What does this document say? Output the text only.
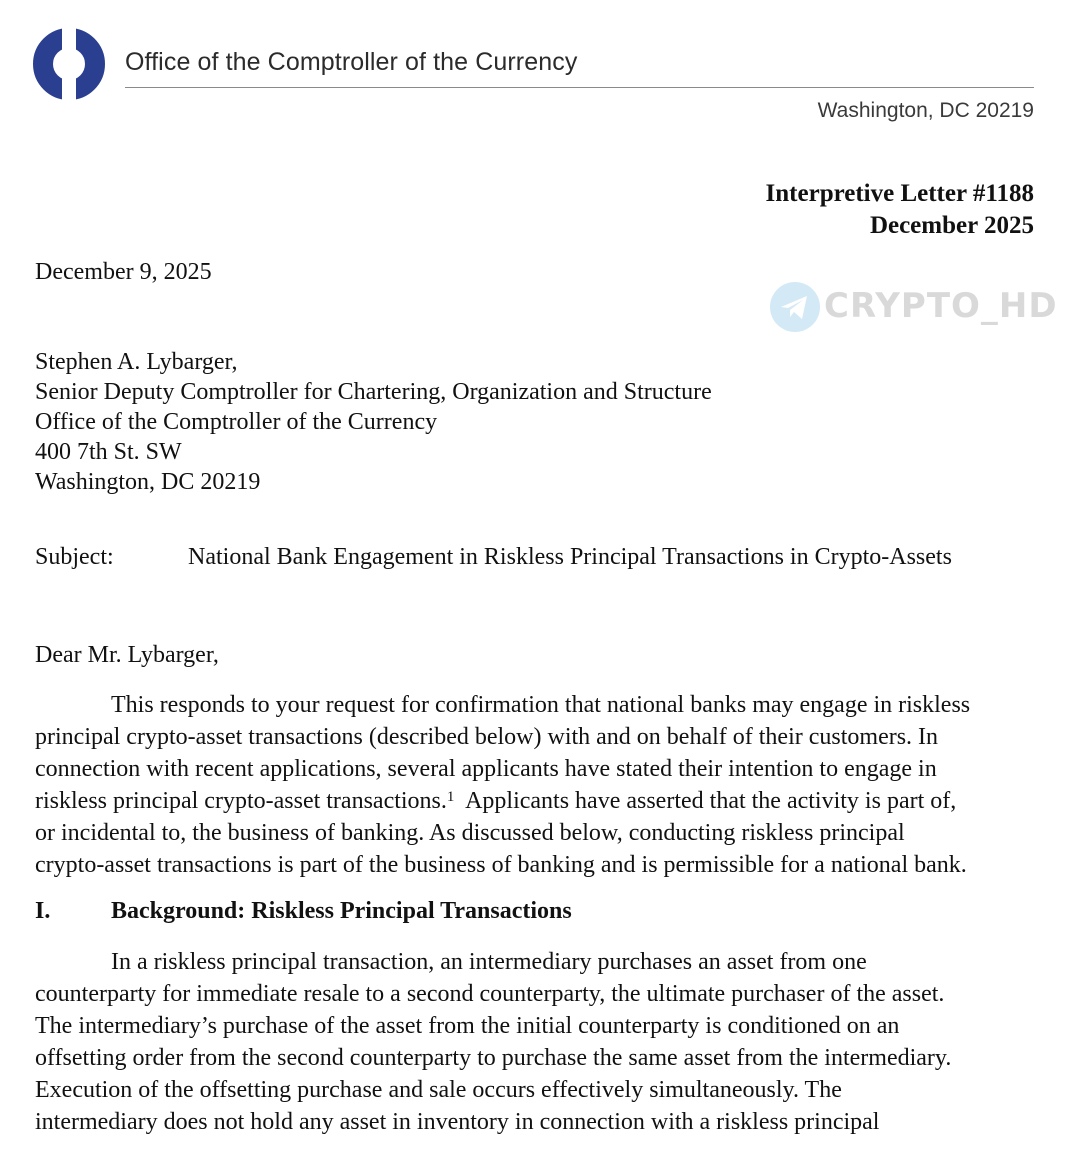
Office of the Comptroller of the Currency
Washington, DC 20219
Interpretive Letter #1188
December 2025
December 9, 2025
CRYPTO_HD
Stephen A. Lybarger,
Senior Deputy Comptroller for Chartering, Organization and Structure
Office of the Comptroller of the Currency
400 7th St. SW
Washington, DC 20219
Subject:	National Bank Engagement in Riskless Principal Transactions in Crypto-Assets
Dear Mr. Lybarger,
This responds to your request for confirmation that national banks may engage in riskless
principal crypto-asset transactions (described below) with and on behalf of their customers. In
connection with recent applications, several applicants have stated their intention to engage in
riskless principal crypto-asset transactions.$^1$  Applicants have asserted that the activity is part of,
or incidental to, the business of banking. As discussed below, conducting riskless principal
crypto-asset transactions is part of the business of banking and is permissible for a national bank.
I.	Background: Riskless Principal Transactions
In a riskless principal transaction, an intermediary purchases an asset from one
counterparty for immediate resale to a second counterparty, the ultimate purchaser of the asset.
The intermediary’s purchase of the asset from the initial counterparty is conditioned on an
offsetting order from the second counterparty to purchase the same asset from the intermediary.
Execution of the offsetting purchase and sale occurs effectively simultaneously. The
intermediary does not hold any asset in inventory in connection with a riskless principal
